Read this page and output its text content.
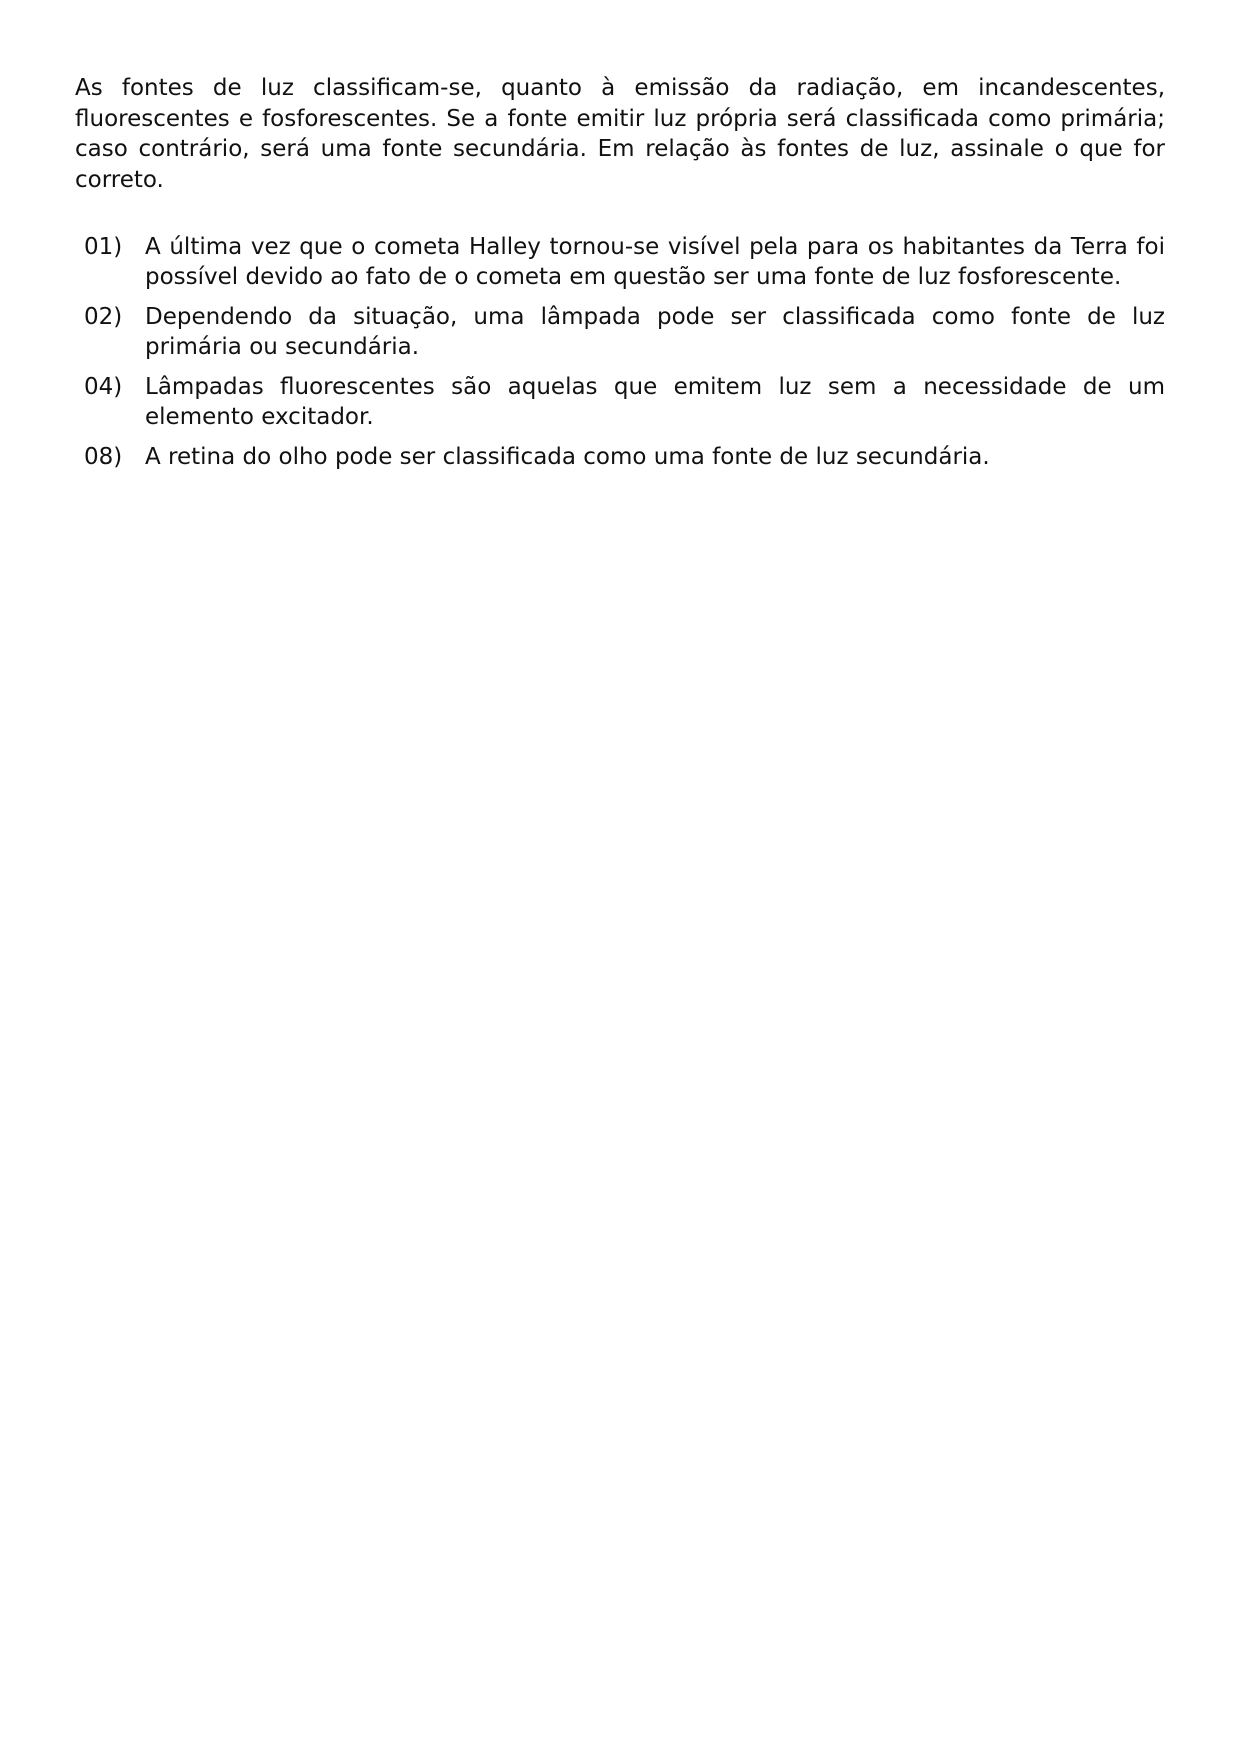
As fontes de luz classificam-se, quanto à emissão da radiação, em incandescentes, fluorescentes e fosforescentes. Se a fonte emitir luz própria será classificada como primária; caso contrário, será uma fonte secundária. Em relação às fontes de luz, assinale o que for correto.

01) A última vez que o cometa Halley tornou-se visível pela para os habitantes da Terra foi possível devido ao fato de o cometa em questão ser uma fonte de luz fosforescente.
02) Dependendo da situação, uma lâmpada pode ser classificada como fonte de luz primária ou secundária.
04) Lâmpadas fluorescentes são aquelas que emitem luz sem a necessidade de um elemento excitador.
08) A retina do olho pode ser classificada como uma fonte de luz secundária.
